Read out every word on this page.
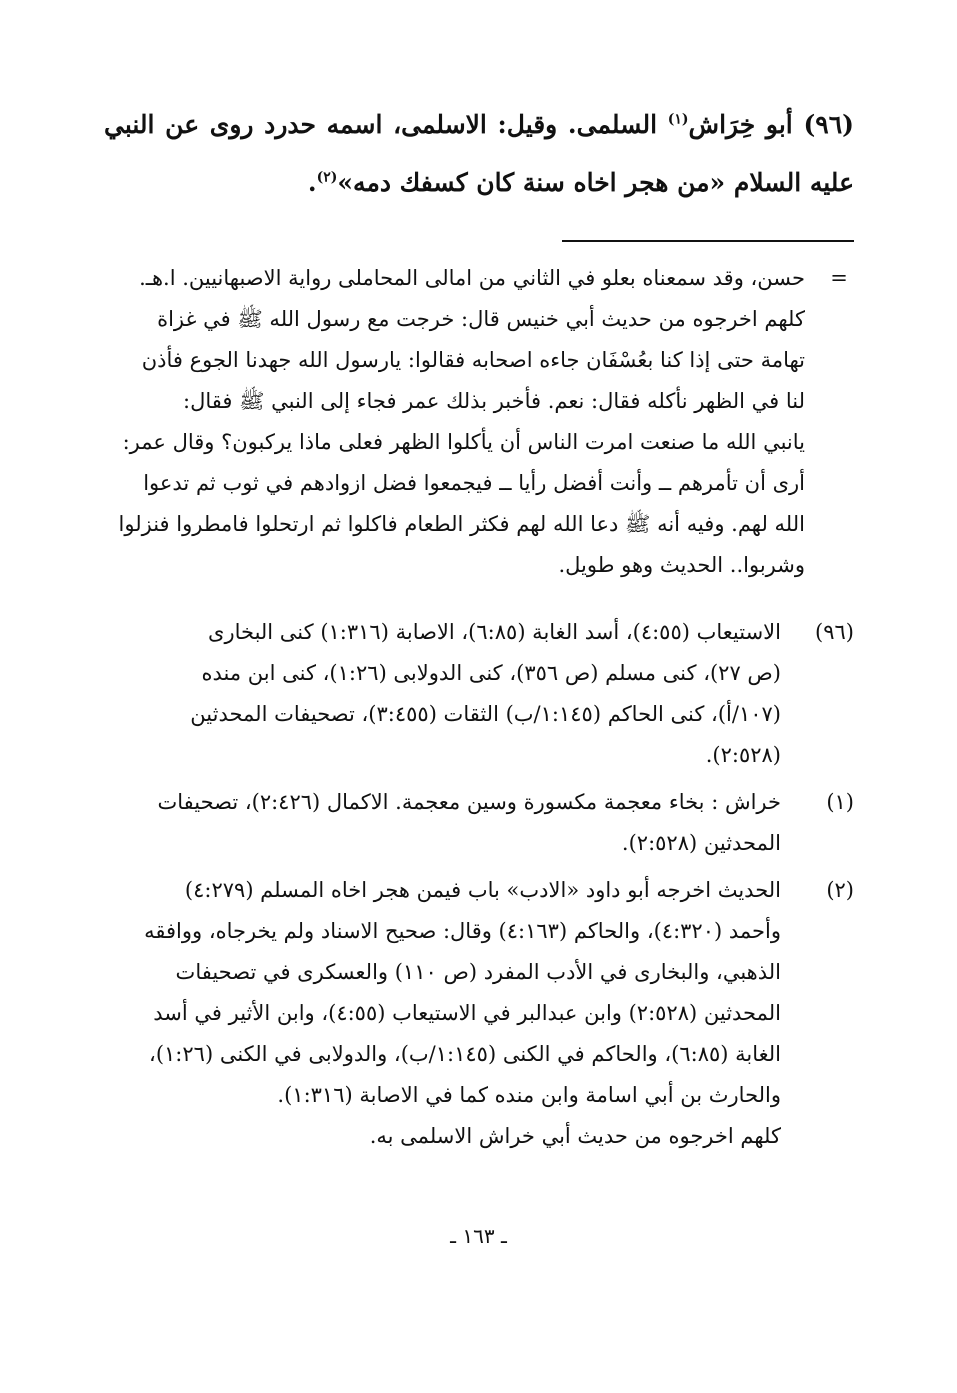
(٩٦) أبو خِرَاش$^{(١)}$ السلمى. وقيل: الاسلمى، اسمه حدرد روى عن النبي عليه السلام «من هجر اخاه سنة كان كسفك دمه»$^{(٢)}$.

=
حسن، وقد سمعناه بعلو في الثاني من امالى المحاملى رواية الاصبهانيين. ا.هـ.
كلهم اخرجوه من حديث أبي خنيس قال: خرجت مع رسول الله ﷺ في غزاة
تهامة حتى إذا كنا بعُسْفَان جاءه اصحابه فقالوا: يارسول الله جهدنا الجوع فأذن
لنا في الظهر نأكله فقال: نعم. فأخبر بذلك عمر فجاء إلى النبي ﷺ فقال:
يانبي الله ما صنعت امرت الناس أن يأكلوا الظهر فعلى ماذا يركبون؟ وقال عمر:
أرى أن تأمرهم ــ وأنت أفضل رأيا ــ فيجمعوا فضل ازوادهم في ثوب ثم تدعوا
الله لهم. وفيه أنه ﷺ دعا الله لهم فكثر الطعام فاكلوا ثم ارتحلوا فامطروا فنزلوا
وشربوا.. الحديث وهو طويل.
(٩٦)
الاستيعاب (٤:٥٥)، أسد الغابة (٦:٨٥)، الاصابة (١:٣١٦) كنى البخارى
(ص ٢٧)، كنى مسلم (ص ٣٥٦)، كنى الدولابى (١:٢٦)، كنى ابن منده
(١٠٧/أ)، كنى الحاكم (١:١٤٥/ب) الثقات (٣:٤٥٥)، تصحيفات المحدثين
(٢:٥٢٨).
(١)
خراش : بخاء معجمة مكسورة وسين معجمة. الاكمال (٢:٤٢٦)، تصحيفات
المحدثين (٢:٥٢٨).
(٢)
الحديث اخرجه أبو داود «الادب» باب فيمن هجر اخاه المسلم (٤:٢٧٩)
وأحمد (٤:٣٢٠)، والحاكم (٤:١٦٣) وقال: صحيح الاسناد ولم يخرجاه، ووافقه
الذهبي، والبخارى في الأدب المفرد (ص ١١٠) والعسكرى في تصحيفات
المحدثين (٢:٥٢٨) وابن عبدالبر في الاستيعاب (٤:٥٥)، وابن الأثير في أسد
الغابة (٦:٨٥)، والحاكم في الكنى (١:١٤٥/ب)، والدولابى في الكنى (١:٢٦)،
والحارث بن أبي اسامة وابن منده كما في الاصابة (١:٣١٦).
كلهم اخرجوه من حديث أبي خراش الاسلمى به.
ـ ١٦٣ ـ
